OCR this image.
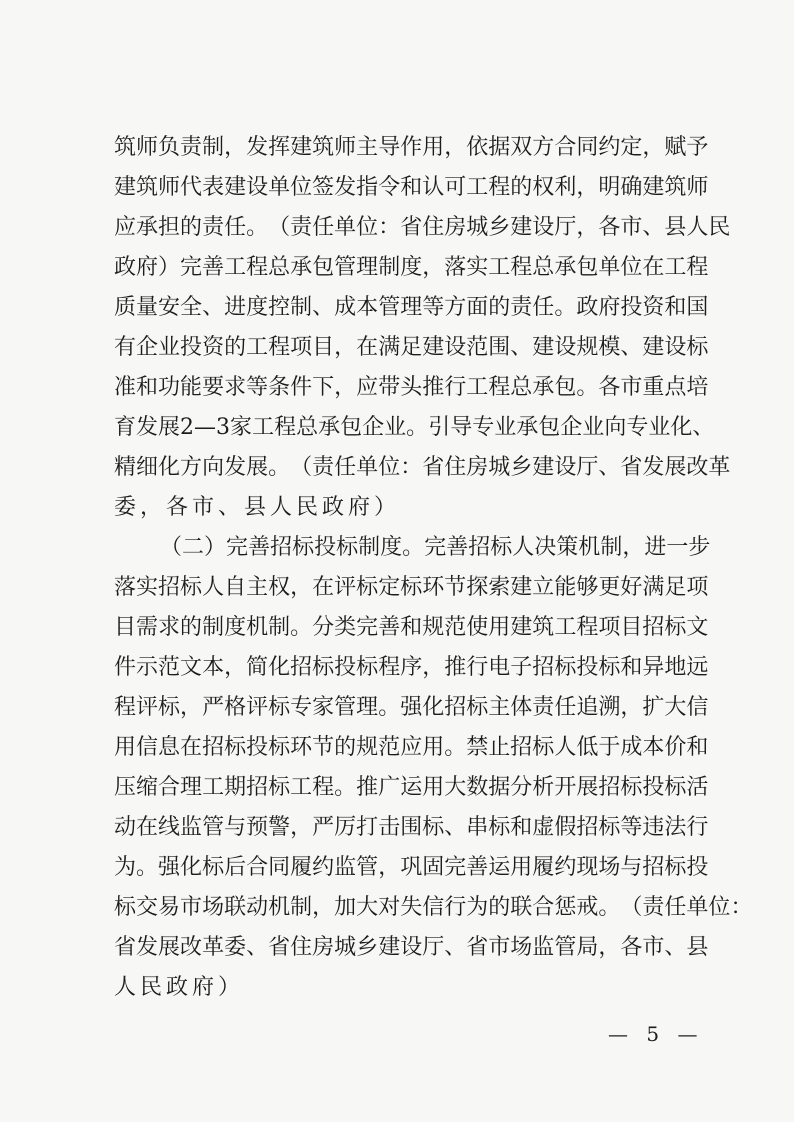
筑 师 负 责 制 ， 发 挥 建 筑 师 主 导 作 用 ， 依 据 双 方 合 同 约 定 ， 赋 予
建 筑 师 代 表 建 设 单 位 签 发 指 令 和 认 可 工 程 的 权 利 ， 明 确 建 筑 师
应 承 担 的 责 任 。 （ 责 任 单 位 ： 省 住 房 城 乡 建 设 厅 ， 各 市 、 县 人 民
政 府 ） 完 善 工 程 总 承 包 管 理 制 度 ， 落 实 工 程 总 承 包 单 位 在 工 程
质 量 安 全 、 进 度 控 制 、 成 本 管 理 等 方 面 的 责 任 。 政 府 投 资 和 国
有 企 业 投 资 的 工 程 项 目 ， 在 满 足 建 设 范 围 、 建 设 规 模 、 建 设 标
准 和 功 能 要 求 等 条 件 下 ， 应 带 头 推 行 工 程 总 承 包 。 各 市 重 点 培
育 发 展 2—3 家 工 程 总 承 包 企 业 。 引 导 专 业 承 包 企 业 向 专 业 化 、
精 细 化 方 向 发 展 。 （ 责 任 单 位 ： 省 住 房 城 乡 建 设 厅 、 省 发 展 改 革
委，各市、县人民政府）
（ 二 ） 完 善 招 标 投 标 制 度 。 完 善 招 标 人 决 策 机 制 ， 进 一 步
落 实 招 标 人 自 主 权 ， 在 评 标 定 标 环 节 探 索 建 立 能 够 更 好 满 足 项
目 需 求 的 制 度 机 制 。 分 类 完 善 和 规 范 使 用 建 筑 工 程 项 目 招 标 文
件 示 范 文 本 ， 简 化 招 标 投 标 程 序 ， 推 行 电 子 招 标 投 标 和 异 地 远
程 评 标 ， 严 格 评 标 专 家 管 理 。 强 化 招 标 主 体 责 任 追 溯 ， 扩 大 信
用 信 息 在 招 标 投 标 环 节 的 规 范 应 用 。 禁 止 招 标 人 低 于 成 本 价 和
压 缩 合 理 工 期 招 标 工 程 。 推 广 运 用 大 数 据 分 析 开 展 招 标 投 标 活
动 在 线 监 管 与 预 警 ， 严 厉 打 击 围 标 、 串 标 和 虚 假 招 标 等 违 法 行
为 。 强 化 标 后 合 同 履 约 监 管 ， 巩 固 完 善 运 用 履 约 现 场 与 招 标 投
标 交 易 市 场 联 动 机 制 ， 加 大 对 失 信 行 为 的 联 合 惩 戒 。 （ 责 任 单 位 ：
省 发 展 改 革 委 、 省 住 房 城 乡 建 设 厅 、 省 市 场 监 管 局 ， 各 市 、 县
人民政府）
— 5 —
